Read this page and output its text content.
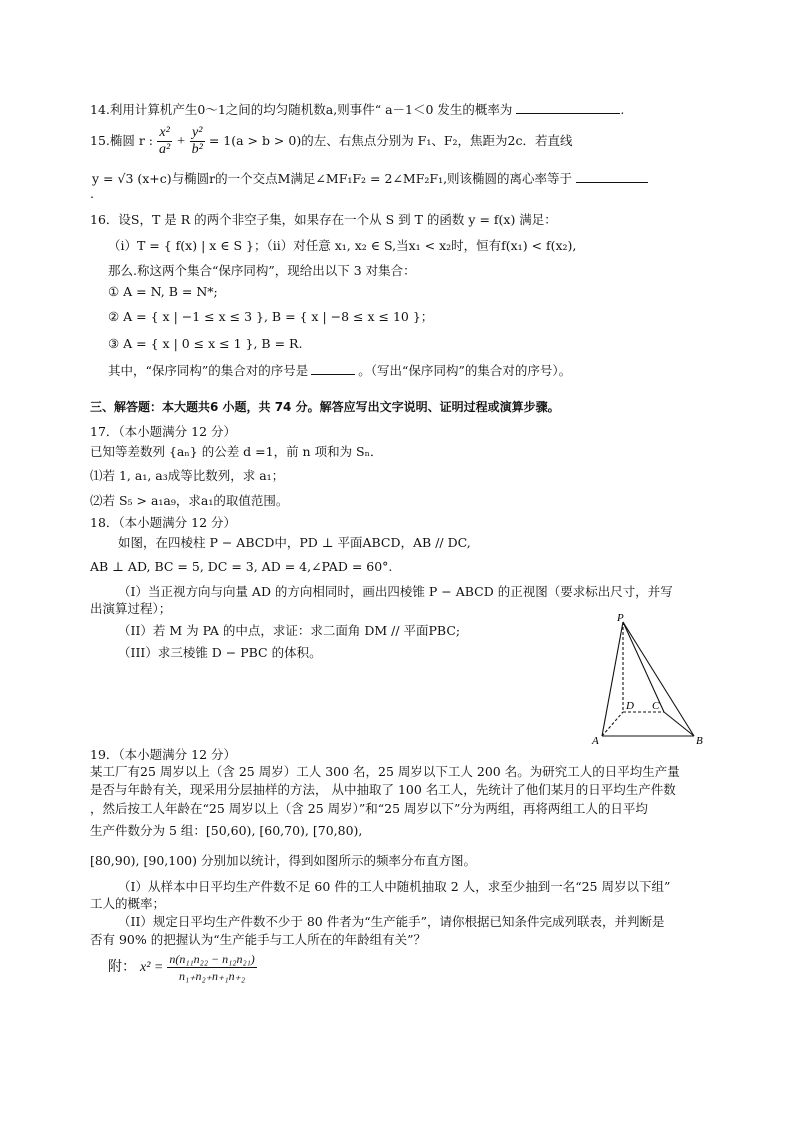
14.利用计算机产生0～1之间的均匀随机数a,则事件“ a－1＜0 发生的概率为	.
15.椭圆 r : $\frac{\text{x²}}{\text{a²}} + \frac{\text{y²}}{\text{b²}} = 1(a > b > 0)$的左、右焦点分别为 F₁、F₂，焦距为2c．若直线
y = √3 (x+c)与椭圆r的一个交点M满足∠MF₁F₂ = 2∠MF₂F₁,则该椭圆的离心率等于
.
16．设S，T 是 R 的两个非空子集，如果存在一个从 S 到 T 的函数 y = f(x) 满足：
（i）T = { f(x) | x ∈ S }；（ii）对任意 x₁, x₂ ∈ S,当x₁ < x₂时，恒有f(x₁) < f(x₂),
那么.称这两个集合“保序同构”，现给出以下 3 对集合：
① A = N, B = N*;
② A = { x | −1 ≤ x ≤ 3 }, B = { x | −8 ≤ x ≤ 10 }；
③ A = { x | 0 ≤ x ≤ 1 }, B = R.
其中，“保序同构”的集合对的序号是	。（写出“保序同构”的集合对的序号）。
三、解答题：本大题共6 小题，共 74 分。解答应写出文字说明、证明过程或演算步骤。
17．（本小题满分 12 分）
已知等差数列 {aₙ} 的公差 d =1，前 n 项和为 Sₙ．
⑴若 1, a₁, a₃成等比数列，求 a₁；
⑵若 S₅ > a₁a₉，求a₁的取值范围。
18．（本小题满分 12 分）
如图，在四棱柱 P − ABCD中，PD ⊥ 平面ABCD，AB // DC,
AB ⊥ AD, BC = 5, DC = 3, AD = 4,∠PAD = 60°.
（I）当正视方向与向量 AD 的方向相同时，画出四棱锥 P − ABCD 的正视图（要求标出尺寸，并写
出演算过程）；
（II）若 M 为 PA 的中点，求证：求二面角 DM // 平面PBC;
（III）求三棱锥 D − PBC 的体积。
P
D C
A	B
19．（本小题满分 12 分）
某工厂有25 周岁以上（含 25 周岁）工人 300 名，25 周岁以下工人 200 名。为研究工人的日平均生产量
是否与年龄有关，现采用分层抽样的方法， 从中抽取了 100 名工人，先统计了他们某月的日平均生产件数
，然后按工人年龄在“25 周岁以上（含 25 周岁）”和“25 周岁以下”分为两组，再将两组工人的日平均
生产件数分为 5 组：[50,60), [60,70), [70,80),
[80,90), [90,100) 分别加以统计，得到如图所示的频率分布直方图。
（I）从样本中日平均生产件数不足 60 件的工人中随机抽取 2 人，求至少抽到一名“25 周岁以下组”
工人的概率；
（II）规定日平均生产件数不少于 80 件者为“生产能手”，请你根据已知条件完成列联表，并判断是
否有 90% 的把握认为“生产能手与工人所在的年龄组有关”？
附： $x^2 = \frac{\text{n(n₁₁n₂₂ − n₁₂n₂₁)}}{\text{n₁₊n₂₊n₊₁n₊₂}}$
